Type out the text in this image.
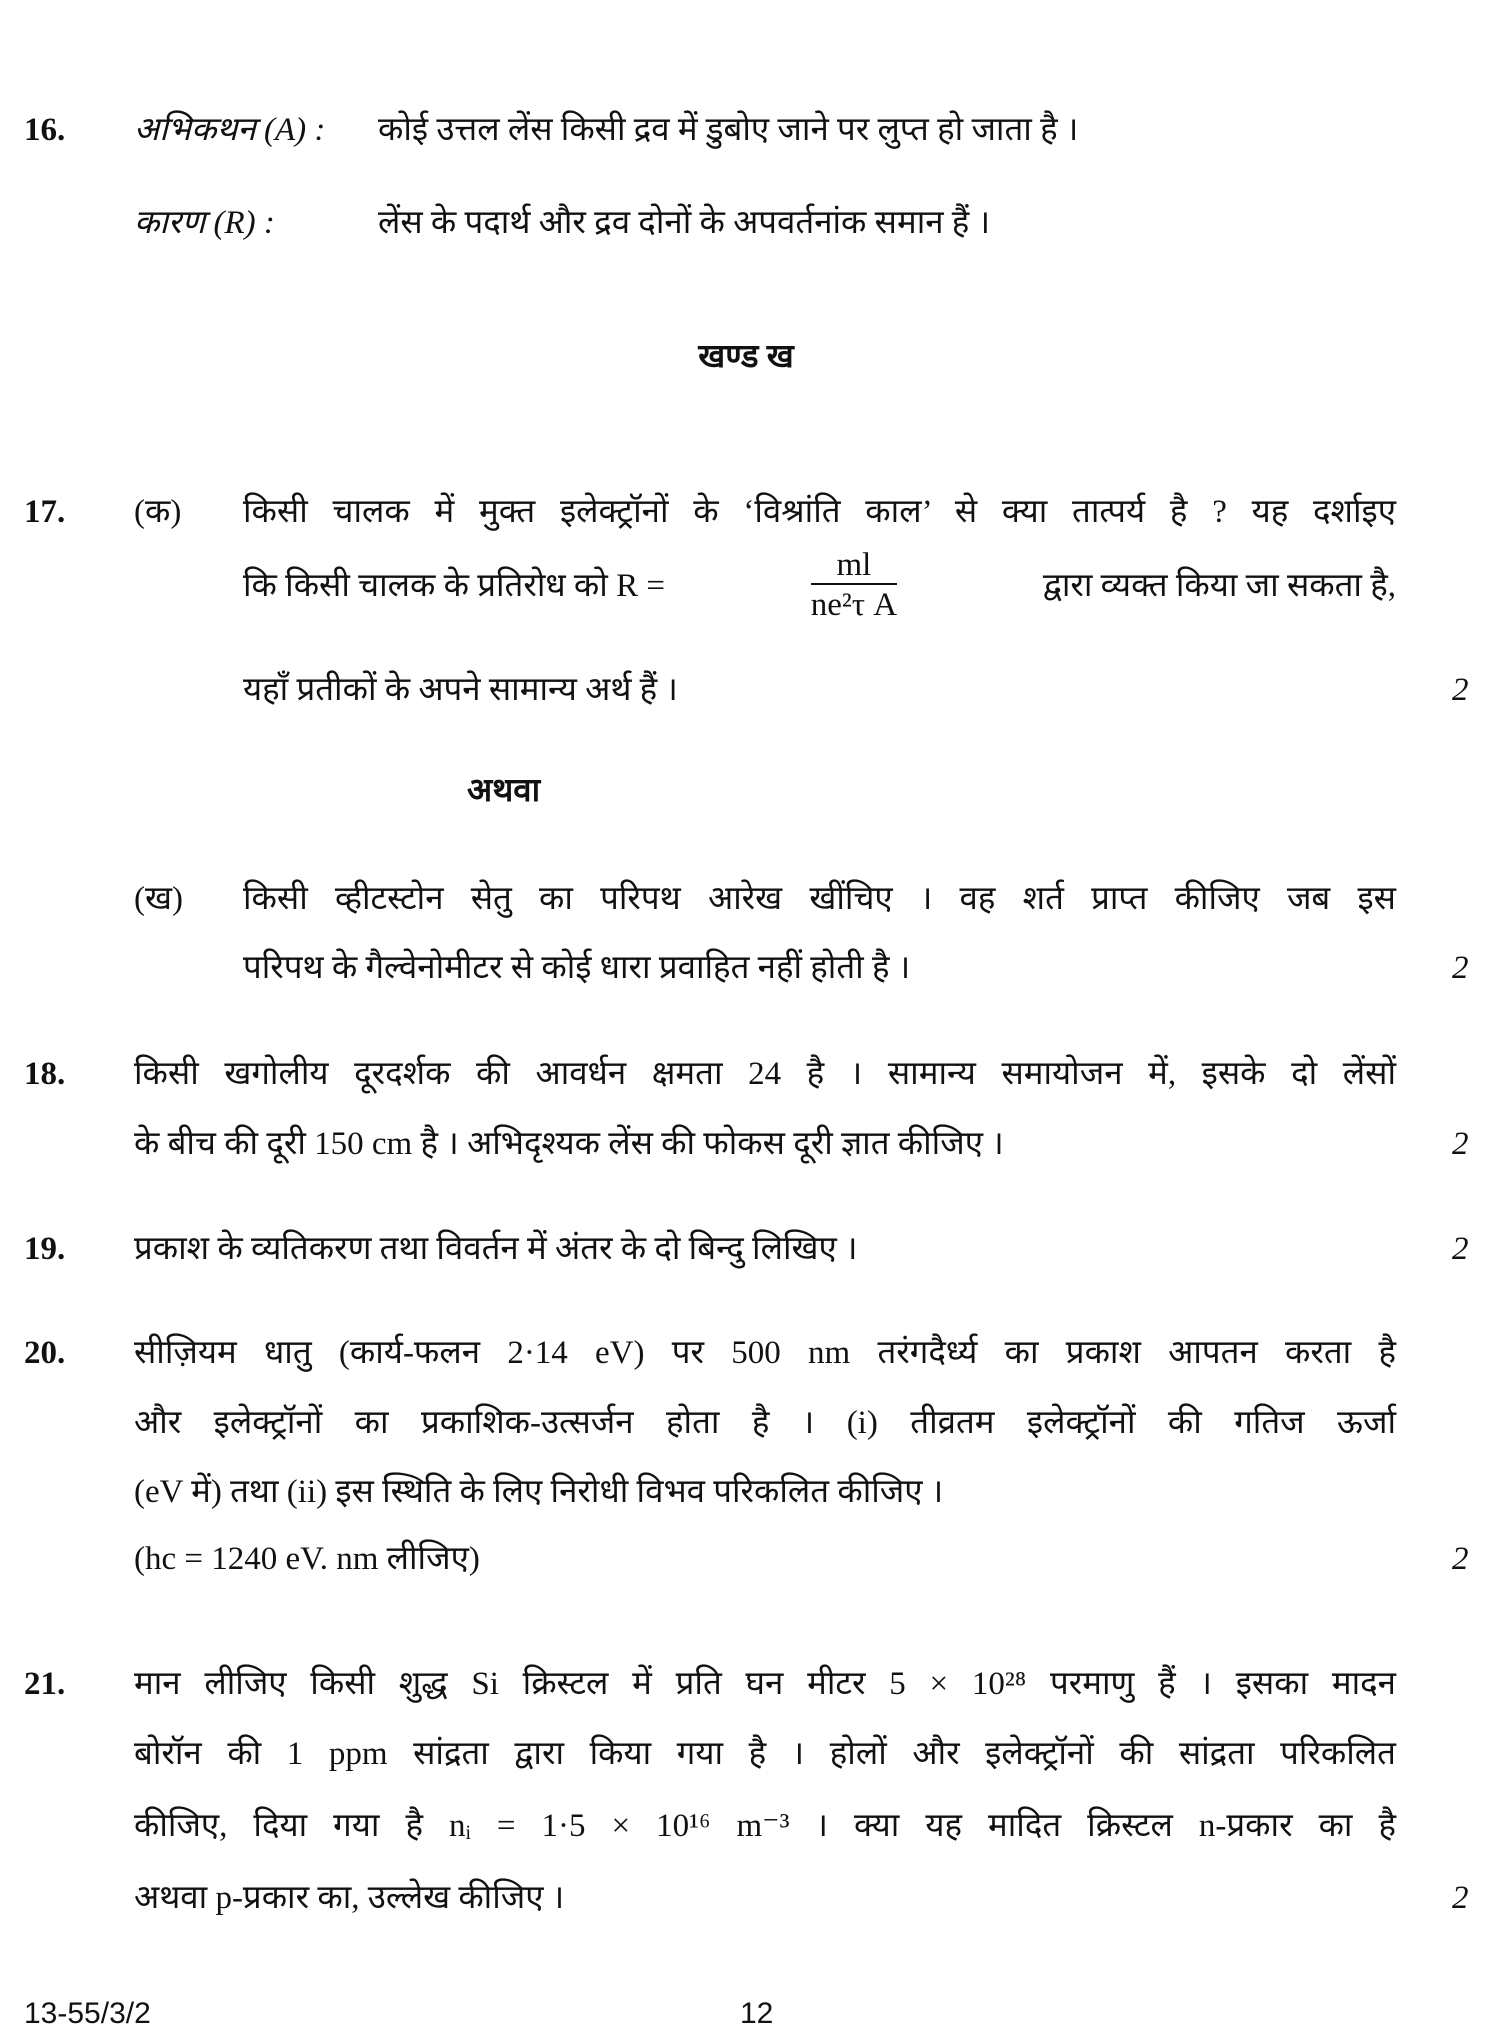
16. अभिकथन (A) : कोई उत्तल लेंस किसी द्रव में डुबोए जाने पर लुप्त हो जाता है ।
कारण (R) :	लेंस के पदार्थ और द्रव दोनों के अपवर्तनांक समान हैं ।
खण्ड ख
17. (क) किसी चालक में मुक्त इलेक्ट्रॉनों के ‘विश्रांति काल’ से क्या तात्पर्य है ? यह दर्शाइए
कि किसी चालक के प्रतिरोध को R =	$\frac{ml}{\text{ne²τ A}}$	द्वारा व्यक्त किया जा सकता है,
यहाँ प्रतीकों के अपने सामान्य अर्थ हैं ।	2
अथवा
(ख) किसी व्हीटस्टोन सेतु का परिपथ आरेख खींचिए । वह शर्त प्राप्त कीजिए जब इस
परिपथ के गैल्वेनोमीटर से कोई धारा प्रवाहित नहीं होती है ।	2
18. किसी खगोलीय दूरदर्शक की आवर्धन क्षमता 24 है । सामान्य समायोजन में, इसके दो लेंसों
के बीच की दूरी 150 cm है । अभिदृश्यक लेंस की फोकस दूरी ज्ञात कीजिए ।	2
19. प्रकाश के व्यतिकरण तथा विवर्तन में अंतर के दो बिन्दु लिखिए ।	2
20. सीज़ियम धातु (कार्य-फलन 2·14 eV) पर 500 nm तरंगदैर्ध्य का प्रकाश आपतन करता है
और इलेक्ट्रॉनों का प्रकाशिक-उत्सर्जन होता है । (i) तीव्रतम इलेक्ट्रॉनों की गतिज ऊर्जा
(eV में) तथा (ii) इस स्थिति के लिए निरोधी विभव परिकलित कीजिए ।
(hc = 1240 eV. nm लीजिए)	2
21. मान लीजिए किसी शुद्ध Si क्रिस्टल में प्रति घन मीटर 5 × 10²⁸ परमाणु हैं । इसका मादन
बोरॉन की 1 ppm सांद्रता द्वारा किया गया है । होलों और इलेक्ट्रॉनों की सांद्रता परिकलित
कीजिए, दिया गया है nᵢ = 1·5 × 10¹⁶ m⁻³ । क्या यह मादित क्रिस्टल n-प्रकार का है
अथवा p-प्रकार का, उल्लेख कीजिए ।	2
13-55/3/2	12
